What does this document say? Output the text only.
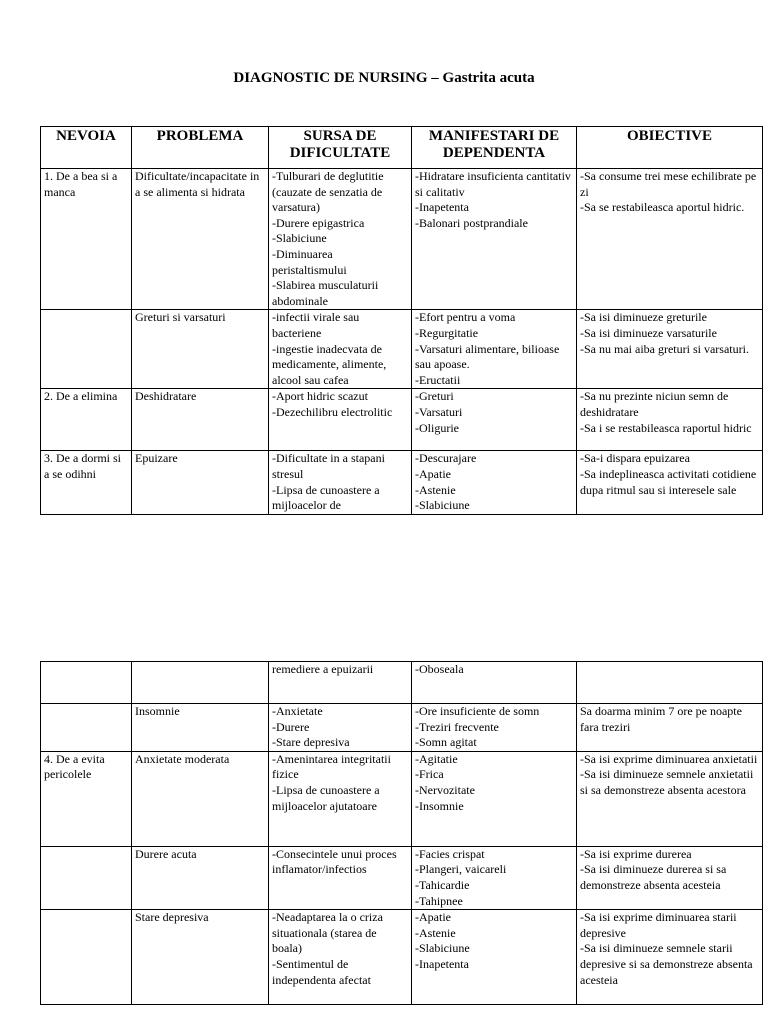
DIAGNOSTIC DE NURSING – Gastrita acuta
NEVOIA	PROBLEMA	SURSA DE DIFICULTATE	MANIFESTARI DE DEPENDENTA	OBIECTIVE

1. De a bea si a manca	Dificultate/incapacitate in a se alimenta si hidrata	-Tulburari de deglutitie (cauzate de senzatia de varsatura)
-Durere epigastrica
-Slabiciune
-Diminuarea peristaltismului
-Slabirea musculaturii abdominale	-Hidratare insuficienta cantitativ si calitativ
-Inapetenta
-Balonari postprandiale	-Sa consume trei mese echilibrate pe zi
-Sa se restabileasca aportul hidric.

	Greturi si varsaturi	-infectii virale sau bacteriene
-ingestie inadecvata de medicamente, alimente, alcool sau cafea	-Efort pentru a voma
-Regurgitatie
-Varsaturi alimentare, bilioase sau apoase.
-Eructatii	-Sa isi diminueze greturile
-Sa isi diminueze varsaturile
-Sa nu mai aiba greturi si varsaturi.

2. De a elimina	Deshidratare	-Aport hidric scazut
-Dezechilibru electrolitic	-Greturi
-Varsaturi
-Oligurie	-Sa nu prezinte niciun semn de deshidratare
-Sa i se restabileasca raportul hidric

3. De a dormi si a se odihni	Epuizare	-Dificultate in a stapani stresul
-Lipsa de cunoastere a mijloacelor de	-Descurajare
-Apatie
-Astenie
-Slabiciune	-Sa-i dispara epuizarea
-Sa indeplineasca activitati cotidiene dupa ritmul sau si interesele sale

		remediere a epuizarii	-Oboseala	

	Insomnie	-Anxietate
-Durere
-Stare depresiva	-Ore insuficiente de somn
-Treziri frecvente
-Somn agitat	Sa doarma minim 7 ore pe noapte fara treziri

4. De a evita pericolele	Anxietate moderata	-Amenintarea integritatii fizice
-Lipsa de cunoastere a mijloacelor ajutatoare	-Agitatie
-Frica
-Nervozitate
-Insomnie	-Sa isi exprime diminuarea anxietatii
-Sa isi diminueze semnele anxietatii si sa demonstreze absenta acestora

	Durere acuta	-Consecintele unui proces inflamator/infectios	-Facies crispat
-Plangeri, vaicareli
-Tahicardie
-Tahipnee	-Sa isi exprime durerea
-Sa isi diminueze durerea si sa demonstreze absenta acesteia

	Stare depresiva	-Neadaptarea la o criza situationala (starea de boala)
-Sentimentul de independenta afectat	-Apatie
-Astenie
-Slabiciune
-Inapetenta	-Sa isi exprime diminuarea starii depresive
-Sa isi diminueze semnele starii depresive si sa demonstreze absenta acesteia
